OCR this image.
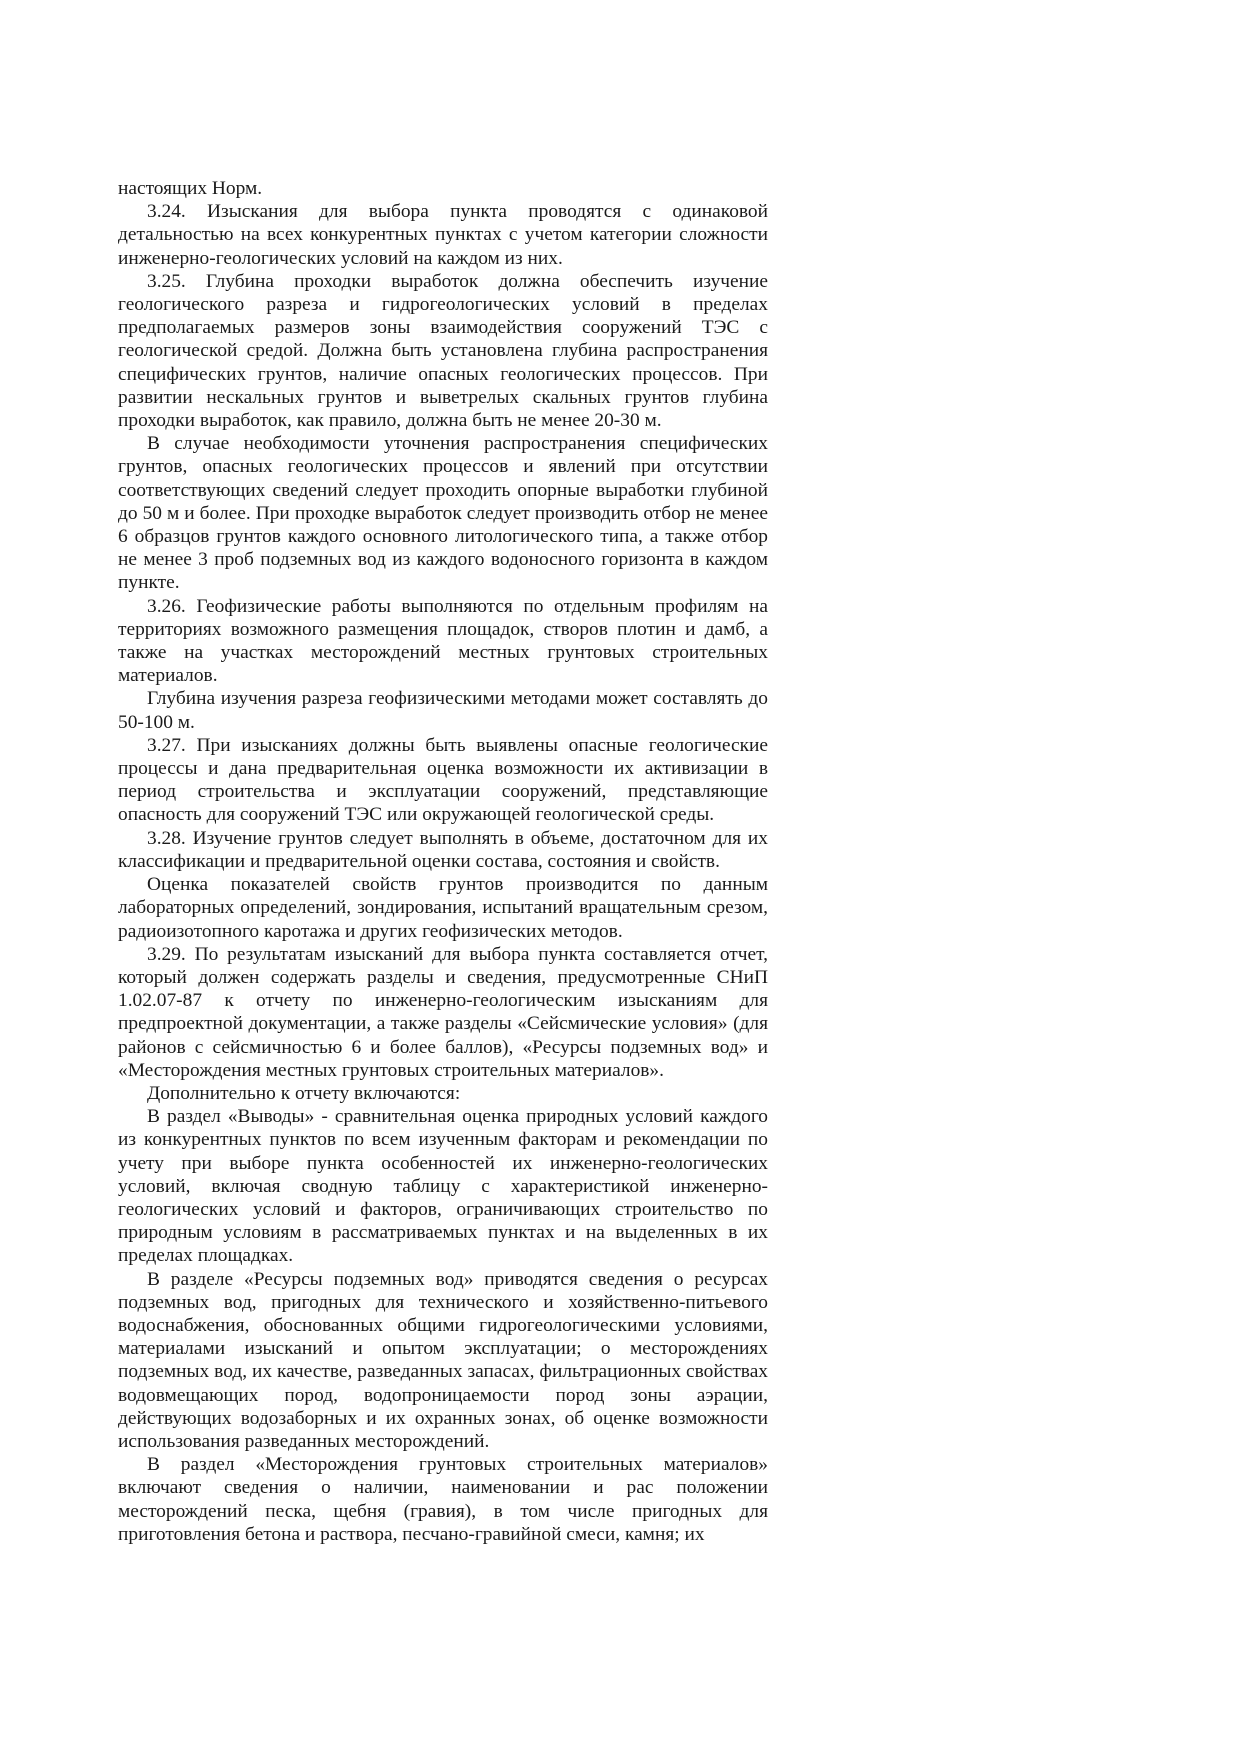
настоящих Норм.

3.24. Изыскания для выбора пункта проводятся с одинаковой детальностью на всех конкурентных пунктах с учетом категории сложности инженерно-геологических условий на каждом из них.

3.25. Глубина проходки выработок должна обеспечить изучение геологического разреза и гидрогеологических условий в пределах предполагаемых размеров зоны взаимодействия сооружений ТЭС с геологической средой. Должна быть установлена глубина распространения специфических грунтов, наличие опасных геологических процессов. При развитии нескальных грунтов и выветрелых скальных грунтов глубина проходки выработок, как правило, должна быть не менее 20-30 м.

В случае необходимости уточнения распространения специфических грунтов, опасных геологических процессов и явлений при отсутствии соответствующих сведений следует проходить опорные выработки глубиной до 50 м и более. При проходке выработок следует производить отбор не менее 6 образцов грунтов каждого основного литологического типа, а также отбор не менее 3 проб подземных вод из каждого водоносного горизонта в каждом пункте.

3.26. Геофизические работы выполняются по отдельным профилям на территориях возможного размещения площадок, створов плотин и дамб, а также на участках месторождений местных грунтовых строительных материалов.

Глубина изучения разреза геофизическими методами может составлять до 50-100 м.

3.27. При изысканиях должны быть выявлены опасные геологические процессы и дана предварительная оценка возможности их активизации в период строительства и эксплуатации сооружений, представляющие опасность для сооружений ТЭС или окружающей геологической среды.

3.28. Изучение грунтов следует выполнять в объеме, достаточном для их классификации и предварительной оценки состава, состояния и свойств.

Оценка показателей свойств грунтов производится по данным лабораторных определений, зондирования, испытаний вращательным срезом, радиоизотопного каротажа и других геофизических методов.

3.29. По результатам изысканий для выбора пункта составляется отчет, который должен содержать разделы и сведения, предусмотренные СНиП 1.02.07-87 к отчету по инженерно-геологическим изысканиям для предпроектной документации, а также разделы «Сейсмические условия» (для районов с сейсмичностью 6 и более баллов), «Ресурсы подземных вод» и «Месторождения местных грунтовых строительных материалов».

Дополнительно к отчету включаются:

В раздел «Выводы» - сравнительная оценка природных условий каждого из конкурентных пунктов по всем изученным факторам и рекомендации по учету при выборе пункта особенностей их инженерно-геологических условий, включая сводную таблицу с характеристикой инженерно-геологических условий и факторов, ограничивающих строительство по природным условиям в рассматриваемых пунктах и на выделенных в их пределах площадках.

В разделе «Ресурсы подземных вод» приводятся сведения о ресурсах подземных вод, пригодных для технического и хозяйственно-питьевого водоснабжения, обоснованных общими гидрогеологическими условиями, материалами изысканий и опытом эксплуатации; о месторождениях подземных вод, их качестве, разведанных запасах, фильтрационных свойствах водовмещающих пород, водопроницаемости пород зоны аэрации, действующих водозаборных и их охранных зонах, об оценке возможности использования разведанных месторождений.

В раздел «Месторождения грунтовых строительных материалов» включают сведения о наличии, наименовании и рас положении месторождений песка, щебня (гравия), в том числе пригодных для приготовления бетона и раствора, песчано-гравийной смеси, камня; их
